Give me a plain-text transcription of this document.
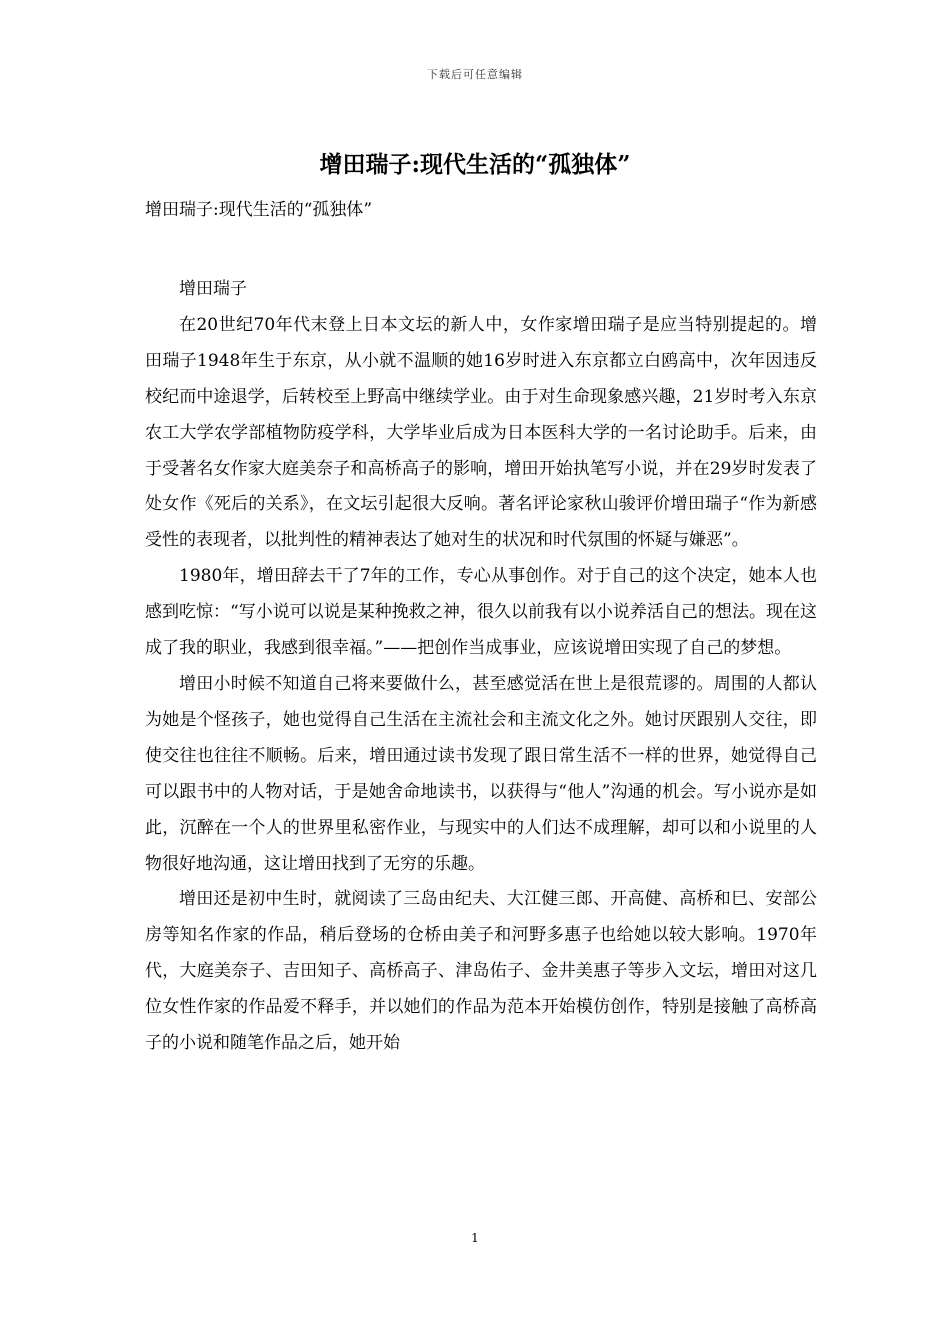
下载后可任意编辑
增田瑞子:现代生活的“孤独体”
增田瑞子:现代生活的“孤独体”

增田瑞子

在20世纪70年代末登上日本文坛的新人中，女作家增田瑞子是应当特别提起的。增田瑞子1948年生于东京，从小就不温顺的她16岁时进入东京都立白鸥高中，次年因违反校纪而中途退学，后转校至上野高中继续学业。由于对生命现象感兴趣，21岁时考入东京农工大学农学部植物防疫学科，大学毕业后成为日本医科大学的一名讨论助手。后来，由于受著名女作家大庭美奈子和高桥高子的影响，增田开始执笔写小说，并在29岁时发表了处女作《死后的关系》，在文坛引起很大反响。著名评论家秋山骏评价增田瑞子“作为新感受性的表现者，以批判性的精神表达了她对生的状况和时代氛围的怀疑与嫌恶”。

1980年，增田辞去干了7年的工作，专心从事创作。对于自己的这个决定，她本人也感到吃惊：“写小说可以说是某种挽救之神，很久以前我有以小说养活自己的想法。现在这成了我的职业，我感到很幸福。”——把创作当成事业，应该说增田实现了自己的梦想。

增田小时候不知道自己将来要做什么，甚至感觉活在世上是很荒谬的。周围的人都认为她是个怪孩子，她也觉得自己生活在主流社会和主流文化之外。她讨厌跟别人交往，即使交往也往往不顺畅。后来，增田通过读书发现了跟日常生活不一样的世界，她觉得自己可以跟书中的人物对话，于是她舍命地读书，以获得与“他人”沟通的机会。写小说亦是如此，沉醉在一个人的世界里私密作业，与现实中的人们达不成理解，却可以和小说里的人物很好地沟通，这让增田找到了无穷的乐趣。

增田还是初中生时，就阅读了三岛由纪夫、大江健三郎、开高健、高桥和巳、安部公房等知名作家的作品，稍后登场的仓桥由美子和河野多惠子也给她以较大影响。1970年代，大庭美奈子、吉田知子、高桥高子、津岛佑子、金井美惠子等步入文坛，增田对这几位女性作家的作品爱不释手，并以她们的作品为范本开始模仿创作，特别是接触了高桥高子的小说和随笔作品之后，她开始

1
